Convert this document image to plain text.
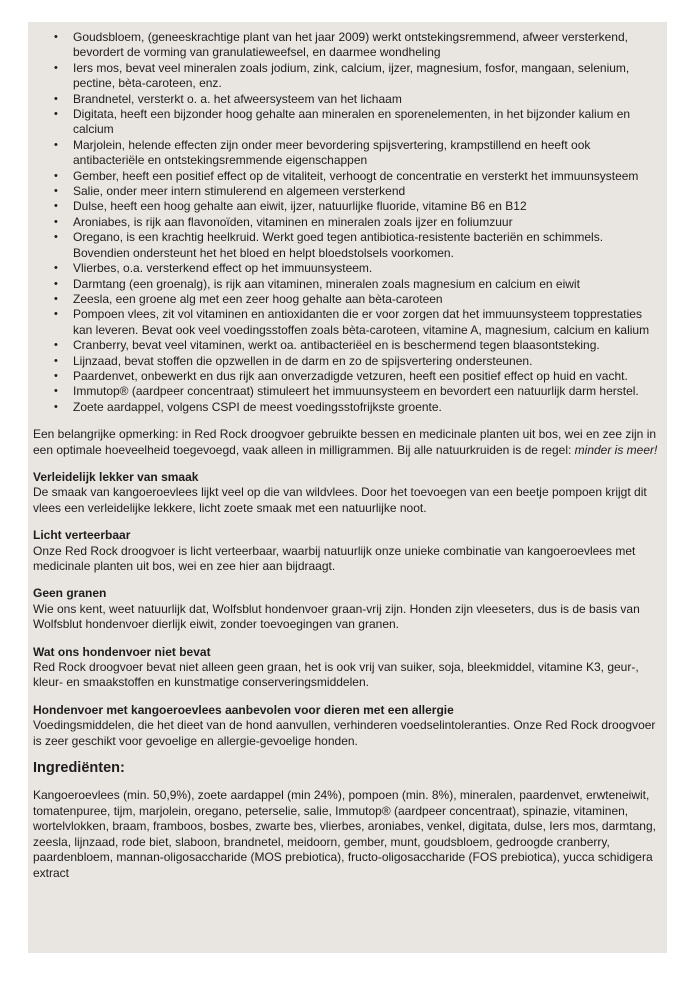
•	Goudsbloem, (geneeskrachtige plant van het jaar 2009) werkt ontstekingsremmend, afweer versterkend, bevordert de vorming van granulatieweefsel, en daarmee wondheling
•	Iers mos, bevat veel mineralen zoals jodium, zink, calcium, ijzer, magnesium, fosfor, mangaan, selenium, pectine, bèta-caroteen, enz.
•	Brandnetel, versterkt o. a. het afweersysteem van het lichaam
•	Digitata, heeft een bijzonder hoog gehalte aan mineralen en sporenelementen, in het bijzonder kalium en calcium
•	Marjolein, helende effecten zijn onder meer bevordering spijsvertering, krampstillend en heeft ook antibacteriële en ontstekingsremmende eigenschappen
•	Gember, heeft een positief effect op de vitaliteit, verhoogt de concentratie en versterkt het immuunsysteem
•	Salie, onder meer intern stimulerend en algemeen versterkend
•	Dulse, heeft een hoog gehalte aan eiwit, ijzer, natuurlijke fluoride, vitamine B6 en B12
•	Aroniabes, is rijk aan flavonoïden, vitaminen en mineralen zoals ijzer en foliumzuur
•	Oregano, is een krachtig heelkruid. Werkt goed tegen antibiotica-resistente bacteriën en schimmels. Bovendien ondersteunt het het bloed en helpt bloedstolsels voorkomen.
•	Vlierbes, o.a. versterkend effect op het immuunsysteem.
•	Darmtang (een groenalg), is rijk aan vitaminen, mineralen zoals magnesium en calcium en eiwit
•	Zeesla, een groene alg met een zeer hoog gehalte aan bèta-caroteen
•	Pompoen vlees, zit vol vitaminen en antioxidanten die er voor zorgen dat het immuunsysteem topprestaties kan leveren. Bevat ook veel voedingsstoffen zoals bèta-caroteen, vitamine A, magnesium, calcium en kalium
•	Cranberry, bevat veel vitaminen, werkt oa. antibacteriëel en is beschermend tegen blaasontsteking.
•	Lijnzaad, bevat stoffen die opzwellen in de darm en zo de spijsvertering ondersteunen.
•	Paardenvet, onbewerkt en dus rijk aan onverzadigde vetzuren, heeft een positief effect op huid en vacht.
•	Immutop® (aardpeer concentraat) stimuleert het immuunsysteem en bevordert een natuurlijk darm herstel.
•	Zoete aardappel, volgens CSPI de meest voedingsstofrijkste groente.

Een belangrijke opmerking: in Red Rock droogvoer gebruikte bessen en medicinale planten uit bos, wei en zee zijn in een optimale hoeveelheid toegevoegd, vaak alleen in milligrammen. Bij alle natuurkruiden is de regel: minder is meer!

Verleidelijk lekker van smaak

De smaak van kangoeroevlees lijkt veel op die van wildvlees. Door het toevoegen van een beetje pompoen krijgt dit vlees een verleidelijke lekkere, licht zoete smaak met een natuurlijke noot.

Licht verteerbaar

Onze Red Rock droogvoer is licht verteerbaar, waarbij natuurlijk onze unieke combinatie van kangoeroevlees met medicinale planten uit bos, wei en zee hier aan bijdraagt.

Geen granen

Wie ons kent, weet natuurlijk dat, Wolfsblut hondenvoer graan-vrij zijn. Honden zijn vleeseters, dus is de basis van Wolfsblut hondenvoer dierlijk eiwit, zonder toevoegingen van granen.

Wat ons hondenvoer niet bevat

Red Rock droogvoer bevat niet alleen geen graan, het is ook vrij van suiker, soja, bleekmiddel, vitamine K3, geur-, kleur- en smaakstoffen en kunstmatige conserveringsmiddelen.

Hondenvoer met kangoeroevlees aanbevolen voor dieren met een allergie

Voedingsmiddelen, die het dieet van de hond aanvullen, verhinderen voedselintoleranties. Onze Red Rock droogvoer is zeer geschikt voor gevoelige en allergie-gevoelige honden.

Ingrediënten:

Kangoeroevlees (min. 50,9%), zoete aardappel (min 24%), pompoen (min. 8%), mineralen, paardenvet, erwteneiwit, tomatenpuree, tijm, marjolein, oregano, peterselie, salie, Immutop® (aardpeer concentraat), spinazie, vitaminen, wortelvlokken, braam, framboos, bosbes, zwarte bes, vlierbes, aroniabes, venkel, digitata, dulse, Iers mos, darmtang, zeesla, lijnzaad, rode biet, slaboon, brandnetel, meidoorn, gember, munt, goudsbloem, gedroogde cranberry, paardenbloem, mannan-oligosaccharide (MOS prebiotica), fructo-oligosaccharide (FOS prebiotica), yucca schidigera extract
